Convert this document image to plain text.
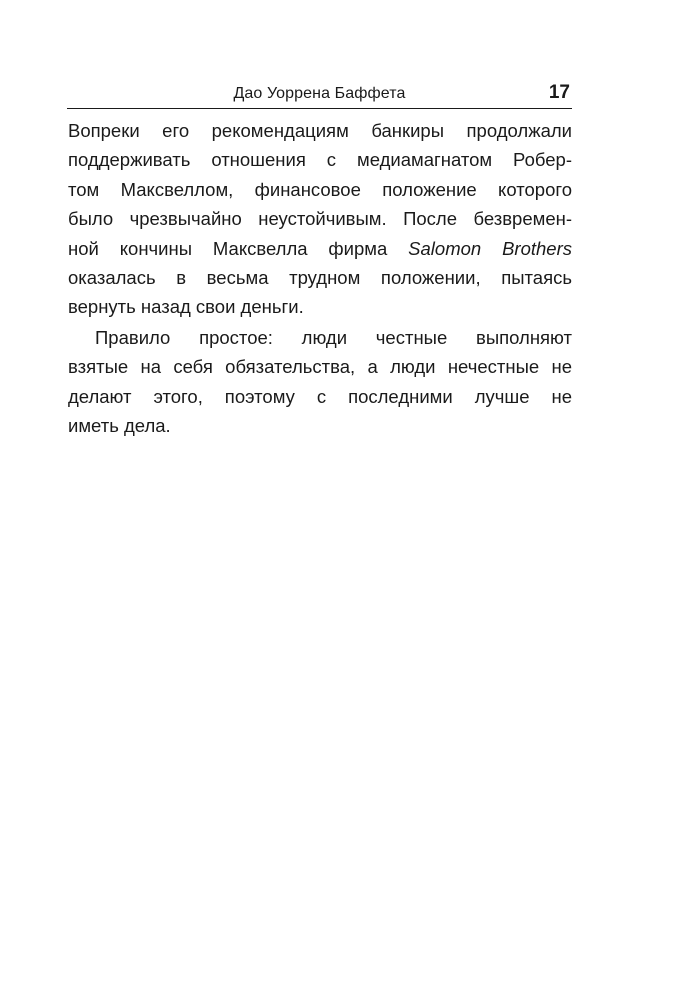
Дао Уоррена Баффета	17
Вопреки его рекомендациям банкиры продолжали
поддерживать отношения с медиамагнатом Робер-
том Максвеллом, финансовое положение которого
было чрезвычайно неустойчивым. После безвремен-
ной кончины Максвелла фирма Salomon Brothers
оказалась в весьма трудном положении, пытаясь
вернуть назад свои деньги.
Правило простое: люди честные выполняют
взятые на себя обязательства, а люди нечестные не
делают этого, поэтому с последними лучше не
иметь дела.
